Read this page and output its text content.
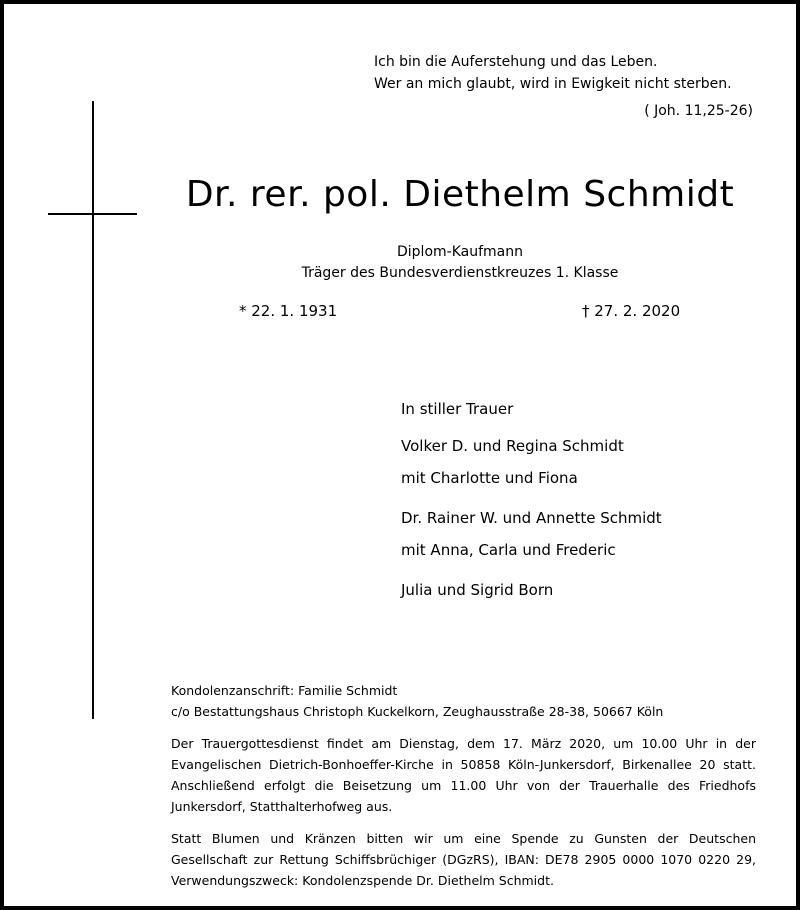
Ich bin die Auferstehung und das Leben.
Wer an mich glaubt, wird in Ewigkeit nicht sterben.
( Joh. 11,25-26)
Dr. rer. pol. Diethelm Schmidt
Diplom-Kaufmann
Träger des Bundesverdienstkreuzes 1. Klasse
* 22. 1. 1931	† 27. 2. 2020
In stiller Trauer
Volker D. und Regina Schmidt
mit Charlotte und Fiona
Dr. Rainer W. und Annette Schmidt
mit Anna, Carla und Frederic
Julia und Sigrid Born

Kondolenzanschrift: Familie Schmidt
c/o Bestattungshaus Christoph Kuckelkorn, Zeughausstraße 28-38, 50667 Köln

Der Trauergottesdienst findet am Dienstag, dem 17. März 2020, um 10.00 Uhr in der Evangelischen Dietrich-Bonhoeffer-Kirche in 50858 Köln-Junkersdorf, Birkenallee 20 statt. Anschließend erfolgt die Beisetzung um 11.00 Uhr von der Trauerhalle des Friedhofs Junkersdorf, Statthalterhofweg aus.

Statt Blumen und Kränzen bitten wir um eine Spende zu Gunsten der Deutschen Gesellschaft zur Rettung Schiffsbrüchiger (DGzRS), IBAN: DE78 2905 0000 1070 0220 29, Verwendungszweck: Kondolenzspende Dr. Diethelm Schmidt.
